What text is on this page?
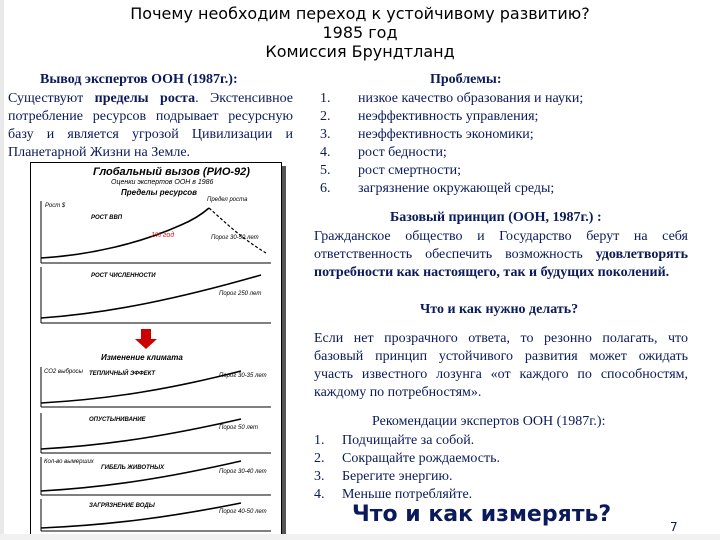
Почему необходим переход к устойчивому развитию?
1985 год
Комиссия Брундтланд
Вывод экспертов ООН (1987г.):
Существуют пределы роста. Экстенсивное потребление ресурсов подрывает ресурсную базу и является угрозой Цивилизации и Планетарной Жизни на Земле.
Проблемы:
1.	низкое качество образования и науки;
2.	неэффективность управления;
3.	неэффективность экономики;
4.	рост бедности;
5.	рост смертности;
6.	загрязнение окружающей среды;
Базовый принцип (ООН, 1987г.) :
Гражданское общество и Государство берут на себя ответственность обеспечить возможность удовлетворять потребности как настоящего, так и будущих поколений.
Что и как нужно делать?
Если нет прозрачного ответа, то резонно полагать, что базовый принцип устойчивого развития может ожидать участь известного лозунга «от каждого по способностям, каждому по потребностям».
Рекомендации экспертов ООН (1987г.):
1.	Подчищайте за собой.
2.	Сокращайте рождаемость.
3.	Берегите энергию.
4.	Меньше потребляйте.
Что и как измерять?	7
Глобальный вызов (РИО-92)
Оценки экспертов ООН в 1986
Пределы ресурсов
Рост $
РОСТ ВВП
1% год
Предел роста
Порог 30-50 лет
РОСТ ЧИСЛЕННОСТИ
Порог 250 лет
Изменение климата
СО2 выбросы ТЕПЛИЧНЫЙ ЭФФЕКТ	Порог 30-35 лет
ОПУСТЫНИВАНИЕ
Порог 50 лет
Кол-во вымерших
ГИБЕЛЬ ЖИВОТНЫХ
Порог 30-40 лет
ЗАГРЯЗНЕНИЕ ВОДЫ
Порог 40-50 лет
